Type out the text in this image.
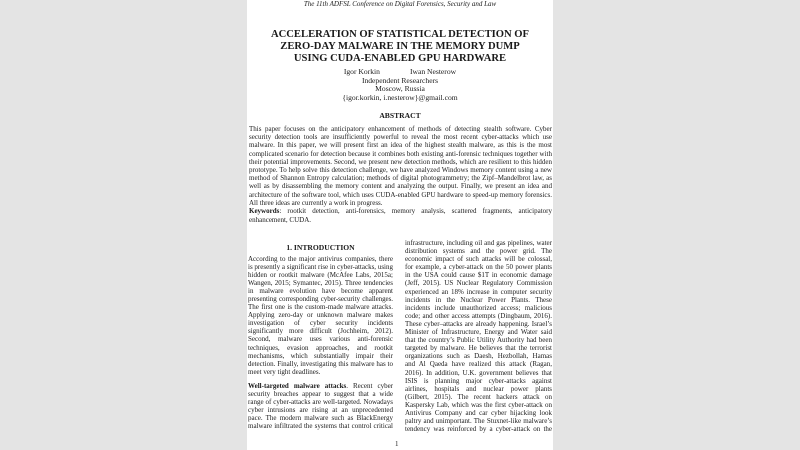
The 11th ADFSL Conference on Digital Forensics, Security and Law
ACCELERATION OF STATISTICAL DETECTION OF
ZERO-DAY MALWARE IN THE MEMORY DUMP
USING CUDA-ENABLED GPU HARDWARE
Igor Korkin	Iwan Nesterow
Independent Researchers
Moscow, Russia
{igor.korkin, i.nesterow}@gmail.com
ABSTRACT
This paper focuses on the anticipatory enhancement of methods of detecting stealth software. Cyber
security detection tools are insufficiently powerful to reveal the most recent cyber-attacks which use
malware. In this paper, we will present first an idea of the highest stealth malware, as this is the most
complicated scenario for detection because it combines both existing anti-forensic techniques together with
their potential improvements. Second, we present new detection methods, which are resilient to this hidden
prototype. To help solve this detection challenge, we have analyzed Windows memory content using a new
method of Shannon Entropy calculation; methods of digital photogrammetry; the Zipf–Mandelbrot law, as
well as by disassembling the memory content and analyzing the output. Finally, we present an idea and
architecture of the software tool, which uses CUDA-enabled GPU hardware to speed-up memory forensics.
All three ideas are currently a work in progress.
Keywords: rootkit detection, anti-forensics, memory analysis, scattered fragments, anticipatory
enhancement, CUDA.
1. INTRODUCTION
According to the major antivirus companies, there
is presently a significant rise in cyber-attacks, using
hidden or rootkit malware (McAfee Labs, 2015a;
Wangen, 2015; Symantec, 2015). Three tendencies
in malware evolution have become apparent
presenting corresponding cyber-security challenges.
The first one is the custom-made malware attacks.
Applying zero-day or unknown malware makes
investigation of cyber security incidents
significantly more difficult (Jochheim, 2012).
Second, malware uses various anti-forensic
techniques, evasion approaches, and rootkit
mechanisms, which substantially impair their
detection. Finally, investigating this malware has to
meet very tight deadlines.
Well-targeted malware attacks. Recent cyber
security breaches appear to suggest that a wide
range of cyber-attacks are well-targeted. Nowadays
cyber intrusions are rising at an unprecedented
pace. The modern malware such as BlackEnergy
malware infiltrated the systems that control critical
infrastructure, including oil and gas pipelines, water
distribution systems and the power grid. The
economic impact of such attacks will be colossal,
for example, a cyber-attack on the 50 power plants
in the USA could cause $1T in economic damage
(Jeff, 2015). US Nuclear Regulatory Commission
experienced an 18% increase in computer security
incidents in the Nuclear Power Plants. These
incidents include unauthorized access; malicious
code; and other access attempts (Dingbaum, 2016).
These cyber–attacks are already happening. Israel’s
Minister of Infrastructure, Energy and Water said
that the country’s Public Utility Authority had been
targeted by malware. He believes that the terrorist
organizations such as Daesh, Hezbollah, Hamas
and Al Qaeda have realized this attack (Ragan,
2016). In addition, U.K. government believes that
ISIS is planning major cyber-attacks against
airlines, hospitals and nuclear power plants
(Gilbert, 2015). The recent hackers attack on
Kaspersky Lab, which was the first cyber-attack on
Antivirus Company and car cyber hijacking look
paltry and unimportant. The Stuxnet-like malware’s
tendency was reinforced by a cyber-attack on the
1
